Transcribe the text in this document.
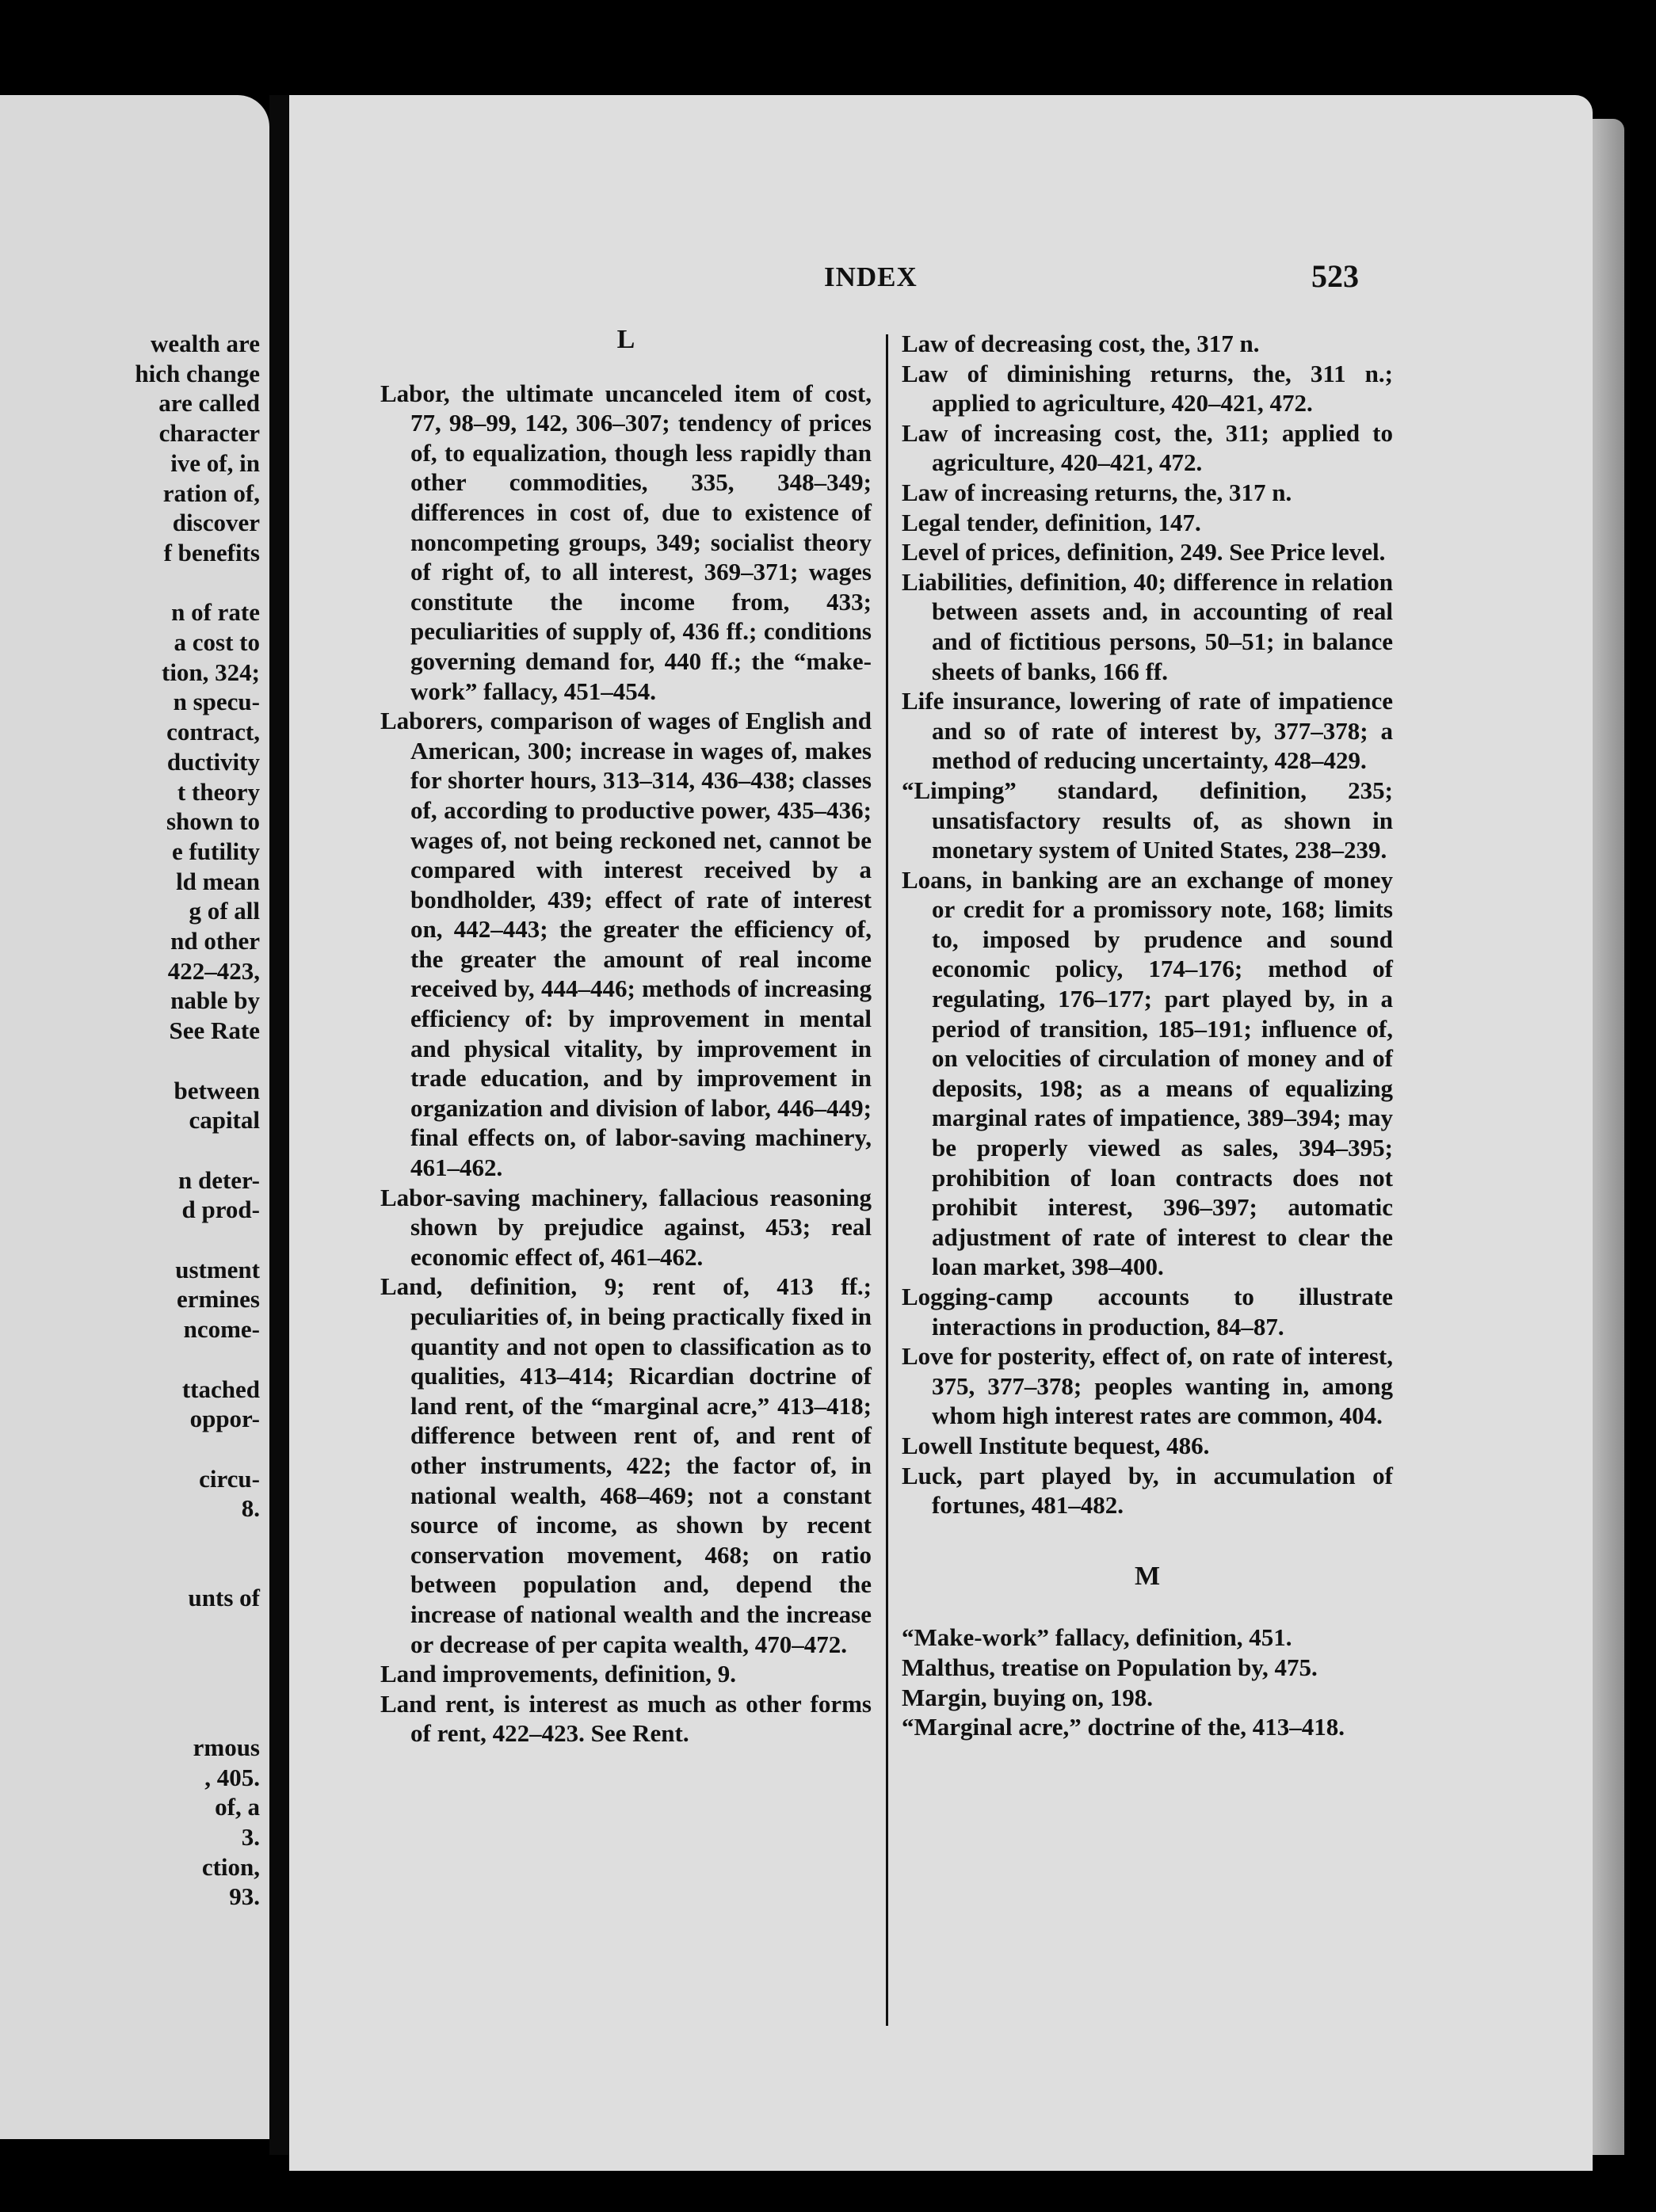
wealth are
hich change
are called
character
ive of, in
ration of,
discover
f benefits
n of rate
a cost to
tion, 324;
n specu-
contract,
ductivity
t theory
shown to
e futility
ld mean
g of all
nd other
422–423,
nable by
See Rate
between
capital
n deter-
d prod-
ustment
ermines
ncome-
ttached
oppor-
circu-
8.
unts of
rmous
, 405.
of, a
3.
ction,
93.
INDEX	523

L

Labor, the ultimate uncanceled item of cost, 77, 98–99, 142, 306–307; tendency of prices of, to equalization, though less rapidly than other commodities, 335, 348–349; differences in cost of, due to existence of noncompeting groups, 349; socialist theory of right of, to all interest, 369–371; wages constitute the income from, 433; peculiarities of supply of, 436 ff.; conditions governing demand for, 440 ff.; the “make-work” fallacy, 451–454.

Laborers, comparison of wages of English and American, 300; increase in wages of, makes for shorter hours, 313–314, 436–438; classes of, according to productive power, 435–436; wages of, not being reckoned net, cannot be compared with interest received by a bondholder, 439; effect of rate of interest on, 442–443; the greater the efficiency of, the greater the amount of real income received by, 444–446; methods of increasing efficiency of: by improvement in mental and physical vitality, by improvement in trade education, and by improvement in organization and division of labor, 446–449; final effects on, of labor-saving machinery, 461–462.

Labor-saving machinery, fallacious reasoning shown by prejudice against, 453; real economic effect of, 461–462.

Land, definition, 9; rent of, 413 ff.; peculiarities of, in being practically fixed in quantity and not open to classification as to qualities, 413–414; Ricardian doctrine of land rent, of the “marginal acre,” 413–418; difference between rent of, and rent of other instruments, 422; the factor of, in national wealth, 468–469; not a constant source of income, as shown by recent conservation movement, 468; on ratio between population and, depend the increase of national wealth and the increase or decrease of per capita wealth, 470–472.

Land improvements, definition, 9.

Land rent, is interest as much as other forms of rent, 422–423. See Rent.

Law of decreasing cost, the, 317 n.

Law of diminishing returns, the, 311 n.; applied to agriculture, 420–421, 472.

Law of increasing cost, the, 311; applied to agriculture, 420–421, 472.

Law of increasing returns, the, 317 n.

Legal tender, definition, 147.

Level of prices, definition, 249. See Price level.

Liabilities, definition, 40; difference in relation between assets and, in accounting of real and of fictitious persons, 50–51; in balance sheets of banks, 166 ff.

Life insurance, lowering of rate of impatience and so of rate of interest by, 377–378; a method of reducing uncertainty, 428–429.

“Limping” standard, definition, 235; unsatisfactory results of, as shown in monetary system of United States, 238–239.

Loans, in banking are an exchange of money or credit for a promissory note, 168; limits to, imposed by prudence and sound economic policy, 174–176; method of regulating, 176–177; part played by, in a period of transition, 185–191; influence of, on velocities of circulation of money and of deposits, 198; as a means of equalizing marginal rates of impatience, 389–394; may be properly viewed as sales, 394–395; prohibition of loan contracts does not prohibit interest, 396–397; automatic adjustment of rate of interest to clear the loan market, 398–400.

Logging-camp accounts to illustrate interactions in production, 84–87.

Love for posterity, effect of, on rate of interest, 375, 377–378; peoples wanting in, among whom high interest rates are common, 404.

Lowell Institute bequest, 486.

Luck, part played by, in accumulation of fortunes, 481–482.

M

“Make-work” fallacy, definition, 451.

Malthus, treatise on Population by, 475.

Margin, buying on, 198.

“Marginal acre,” doctrine of the, 413–418.
